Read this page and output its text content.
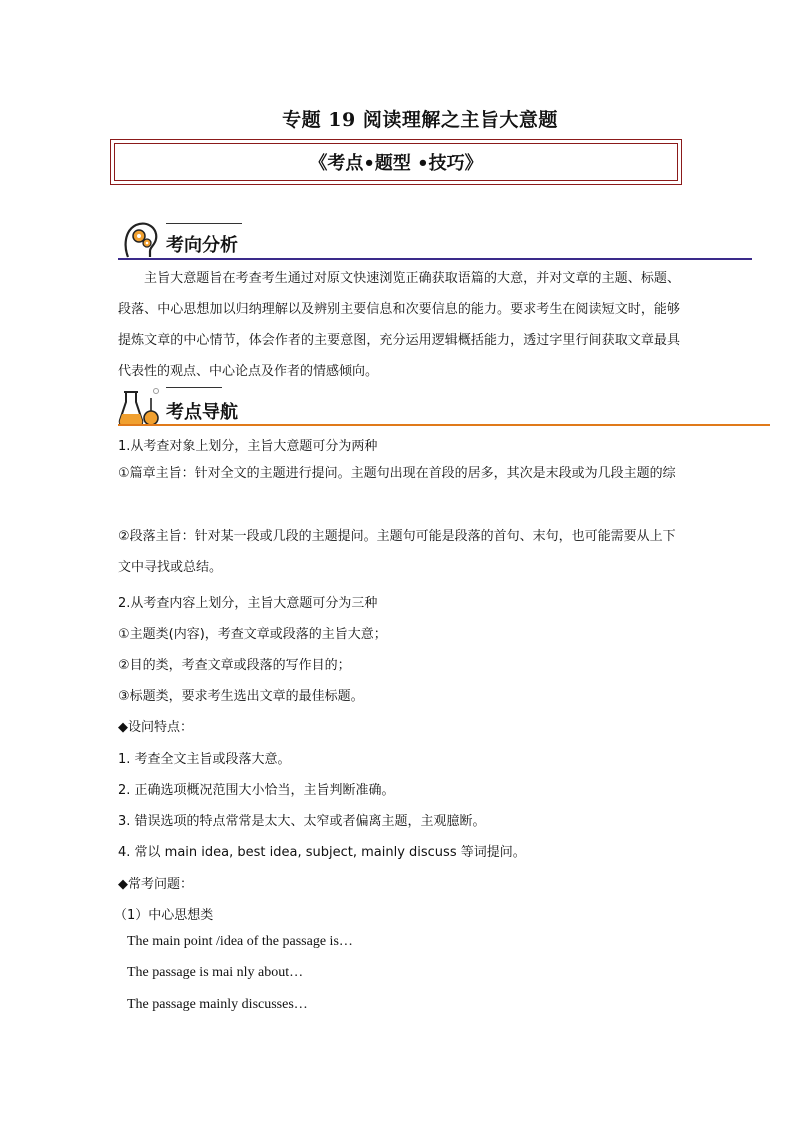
专题 19 阅读理解之主旨大意题
《考点•题型 •技巧》
考向分析

主旨大意题旨在考查考生通过对原文快速浏览正确获取语篇的大意，并对文章的主题、标题、段落、中心思想加以归纳理解以及辨别主要信息和次要信息的能力。要求考生在阅读短文时，能够提炼文章的中心情节，体会作者的主要意图，充分运用逻辑概括能力，透过字里行间获取文章最具代表性的观点、中心论点及作者的情感倾向。

考点导航
1.从考查对象上划分，主旨大意题可分为两种
①篇章主旨：针对全文的主题进行提问。主题句出现在首段的居多，其次是末段或为几段主题的综
②段落主旨：针对某一段或几段的主题提问。主题句可能是段落的首句、末句，也可能需要从上下文中寻找或总结。
2.从考查内容上划分，主旨大意题可分为三种
①主题类(内容)，考查文章或段落的主旨大意；
②目的类，考查文章或段落的写作目的；
③标题类，要求考生选出文章的最佳标题。
◆设问特点：
1. 考查全文主旨或段落大意。
2. 正确选项概况范围大小恰当，主旨判断准确。
3. 错误选项的特点常常是太大、太窄或者偏离主题，主观臆断。
4. 常以 main idea, best idea, subject, mainly discuss 等词提问。
◆常考问题：
（1）中心思想类
The main point /idea of the passage is…
The passage is mai nly about…
The passage mainly discusses…
